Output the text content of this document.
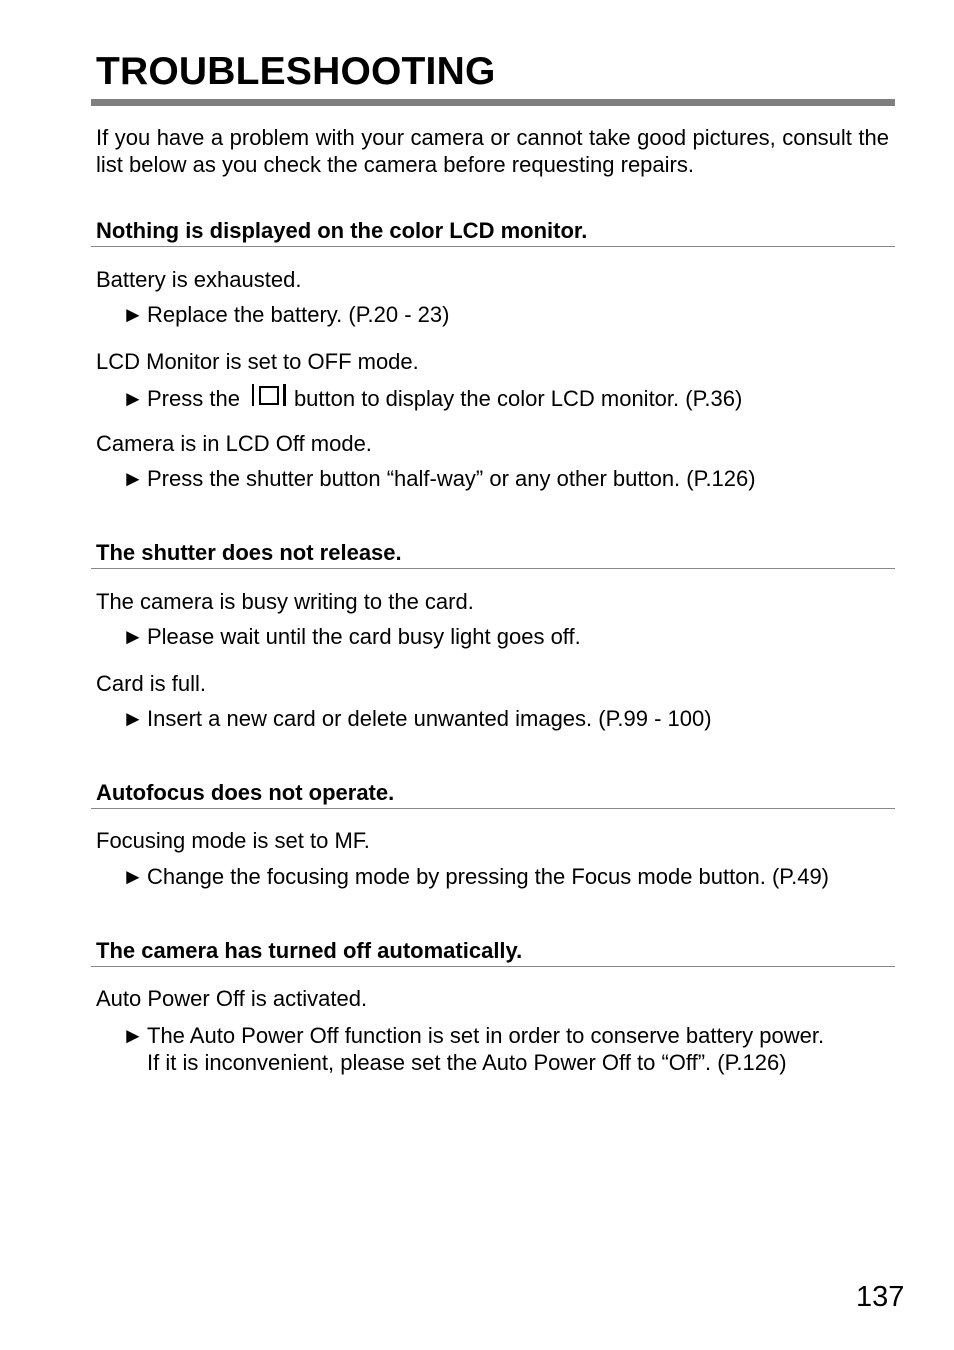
TROUBLESHOOTING

If you have a problem with your camera or cannot take good pictures, consult the list below as you check the camera before requesting repairs.

Nothing is displayed on the color LCD monitor.

Battery is exhausted.

► Replace the battery. (P.20 - 23)

LCD Monitor is set to OFF mode.

► Press the button to display the color LCD monitor. (P.36)

Camera is in LCD Off mode.

► Press the shutter button “half-way” or any other button. (P.126)

The shutter does not release.

The camera is busy writing to the card.

► Please wait until the card busy light goes off.

Card is full.

► Insert a new card or delete unwanted images. (P.99 - 100)

Autofocus does not operate.

Focusing mode is set to MF.

► Change the focusing mode by pressing the Focus mode button. (P.49)

The camera has turned off automatically.

Auto Power Off is activated.

► The Auto Power Off function is set in order to conserve battery power.
If it is inconvenient, please set the Auto Power Off to “Off”. (P.126)

137
